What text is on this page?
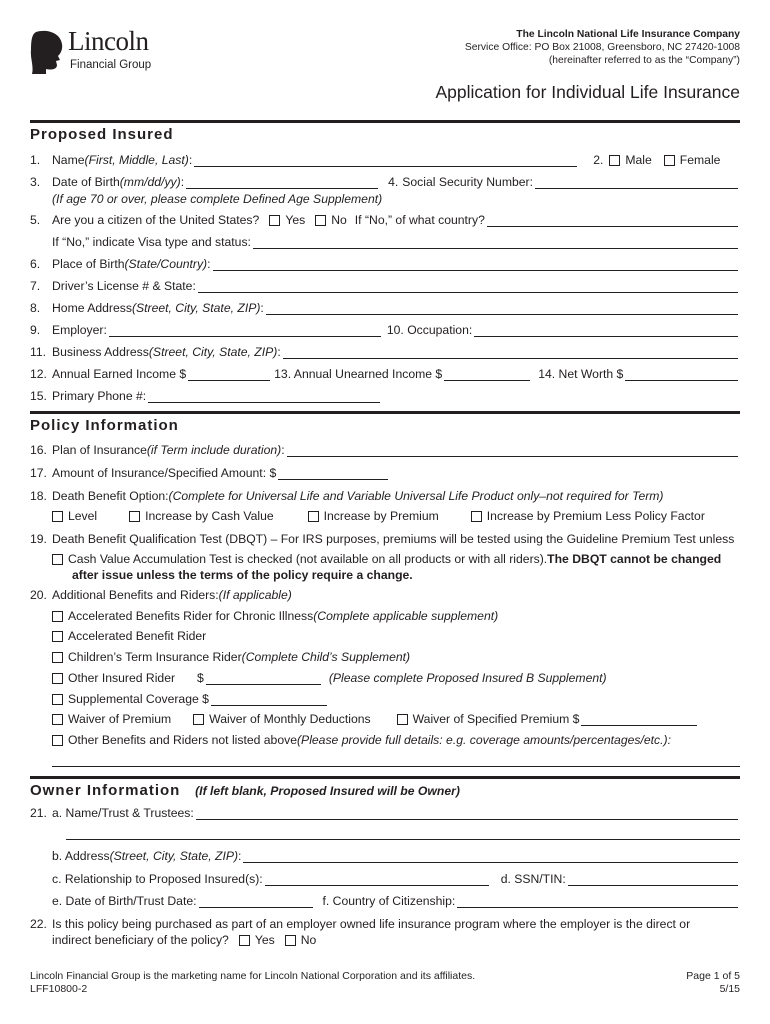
Lincoln
Financial Group
The Lincoln National Life Insurance Company
Service Office: PO Box 21008, Greensboro, NC 27420-1008
(hereinafter referred to as the “Company”)
Application for Individual Life Insurance
Proposed Insured
1. Name (First, Middle, Last) :	2. Male Female
3. Date of Birth (mm/dd/yy) :	4. Social Security Number:
(If age 70 or over, please complete Defined Age Supplement)
5. Are you a citizen of the United States? Yes No If “No,” of what country?
If “No,” indicate Visa type and status:
6. Place of Birth (State/Country) :
7. Driver’s License # & State:
8. Home Address (Street, City, State, ZIP) :
9. Employer:	10. Occupation:
11. Business Address (Street, City, State, ZIP) :
12. Annual Earned Income $	13. Annual Unearned Income $	14. Net Worth $
15. Primary Phone #:
Policy Information
16. Plan of Insurance (if Term include duration) :
17. Amount of Insurance/Specified Amount: $
18. Death Benefit Option: (Complete for Universal Life and Variable Universal Life Product only–not required for Term)
Level	Increase by Cash Value	Increase by Premium	Increase by Premium Less Policy Factor
19. Death Benefit Qualification Test (DBQT) – For IRS purposes, premiums will be tested using the Guideline Premium Test unless
Cash Value Accumulation Test is checked (not available on all products or with all riders). The DBQT cannot be changed
after issue unless the terms of the policy require a change.
20. Additional Benefits and Riders: (If applicable)
Accelerated Benefits Rider for Chronic Illness (Complete applicable supplement)
Accelerated Benefit Rider
Children’s Term Insurance Rider (Complete Child’s Supplement)
Other Insured Rider $	(Please complete Proposed Insured B Supplement)
Supplemental Coverage $
Waiver of Premium	Waiver of Monthly Deductions	Waiver of Specified Premium $
Other Benefits and Riders not listed above (Please provide full details: e.g. coverage amounts/percentages/etc.):
Owner Information (If left blank, Proposed Insured will be Owner)
21. a. Name/Trust & Trustees:
b. Address (Street, City, State, ZIP) :
c. Relationship to Proposed Insured(s):	d. SSN/TIN:
e. Date of Birth/Trust Date:	f. Country of Citizenship:
22. Is this policy being purchased as part of an employer owned life insurance program where the employer is the direct or
indirect beneficiary of the policy? Yes No
Lincoln Financial Group is the marketing name for Lincoln National Corporation and its affiliates.
LFF10800-2
Page 1 of 5
5/15
